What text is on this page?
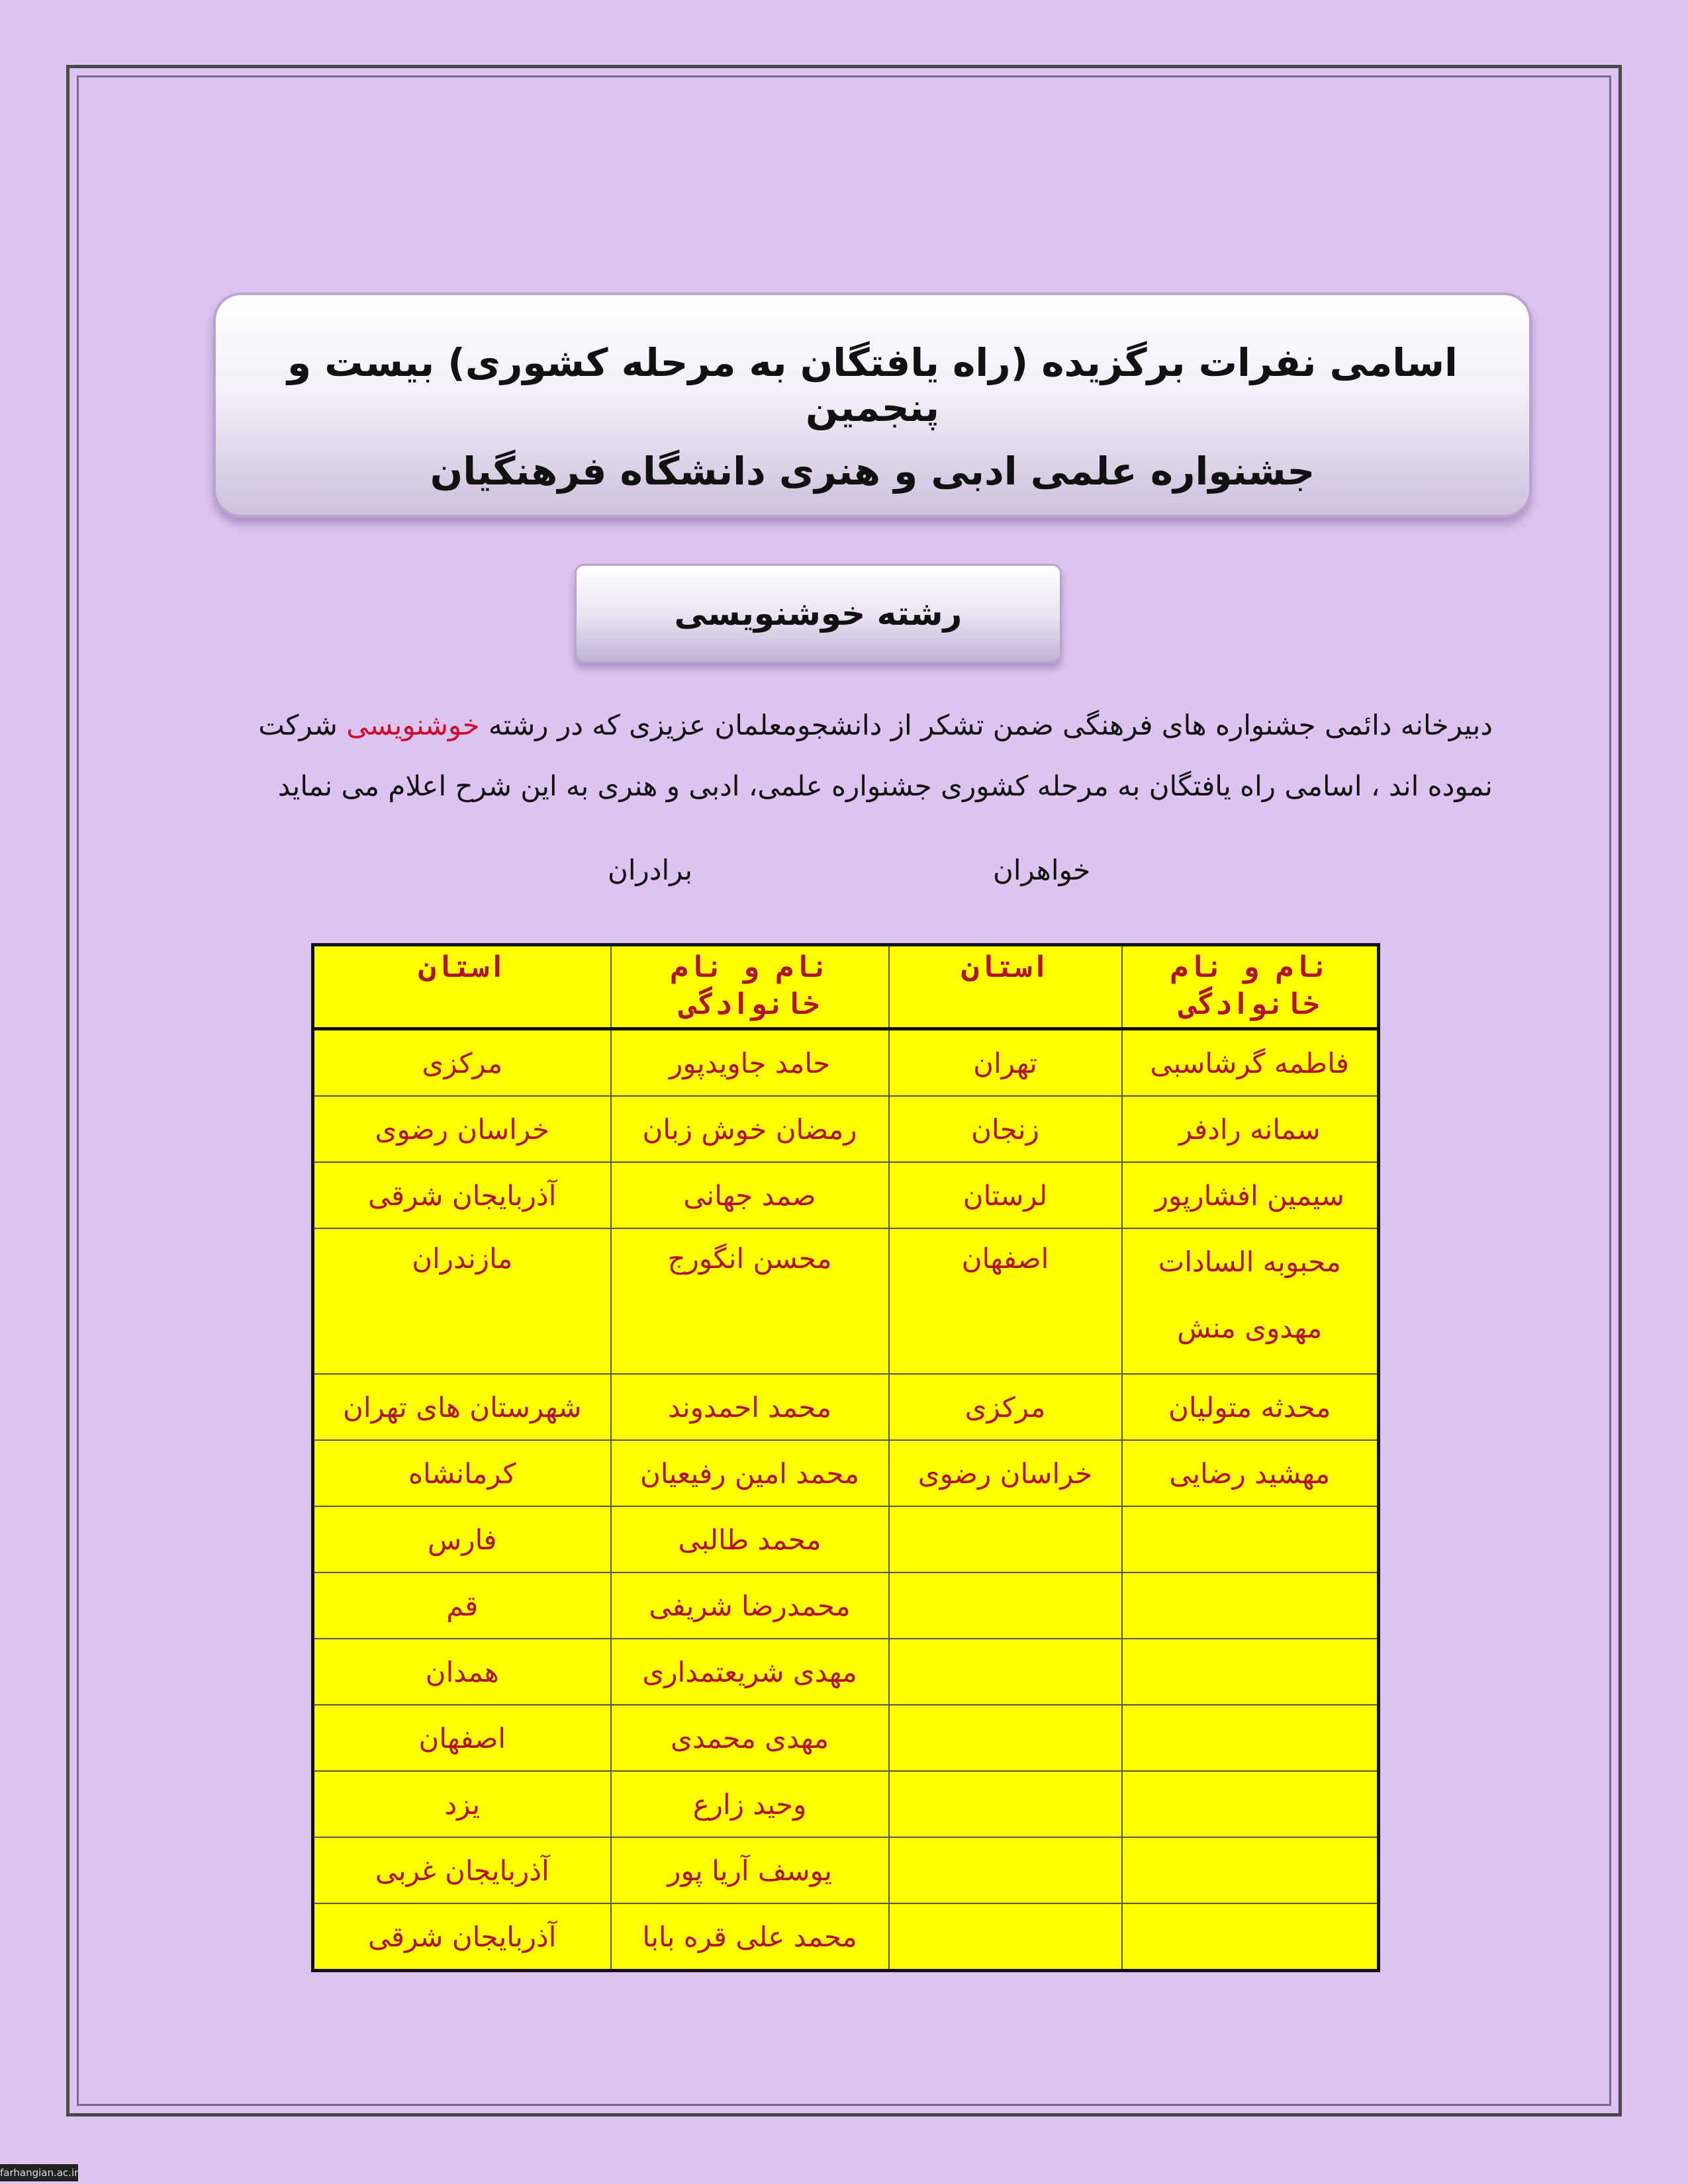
اسامی نفرات برگزیده (راه یافتگان به مرحله کشوری) بیست و پنجمین
جشنواره علمی ادبی و هنری دانشگاه فرهنگیان
رشته خوشنویسی
دبیرخانه دائمی جشنواره های فرهنگی ضمن تشکر از دانشجومعلمان عزیزی که در رشته خوشنویسی شرکت نموده اند ، اسامی راه یافتگان به مرحله کشوری جشنواره علمی، ادبی و هنری به این شرح اعلام می نماید
خواهران
برادران
نام و نام خانوادگی	استان	نام و نام خانوادگی	استان
فاطمه گرشاسبی	تهران	حامد جاویدپور	مرکزی
سمانه رادفر	زنجان	رمضان خوش زبان	خراسان رضوی
سیمین افشارپور	لرستان	صمد جهانی	آذربایجان شرقی
محبوبه السادات مهدوی منش	اصفهان	محسن انگورج	مازندران
محدثه متولیان	مرکزی	محمد احمدوند	شهرستان های تهران
مهشید رضایی	خراسان رضوی	محمد امین رفیعیان	کرمانشاه
		محمد طالبی	فارس
		محمدرضا شریفی	قم
		مهدی شریعتمداری	همدان
		مهدی محمدی	اصفهان
		وحید زارع	یزد
		یوسف آریا پور	آذربایجان غربی
		محمد علی قره بابا	آذربایجان شرقی
farhangian.ac.ir
